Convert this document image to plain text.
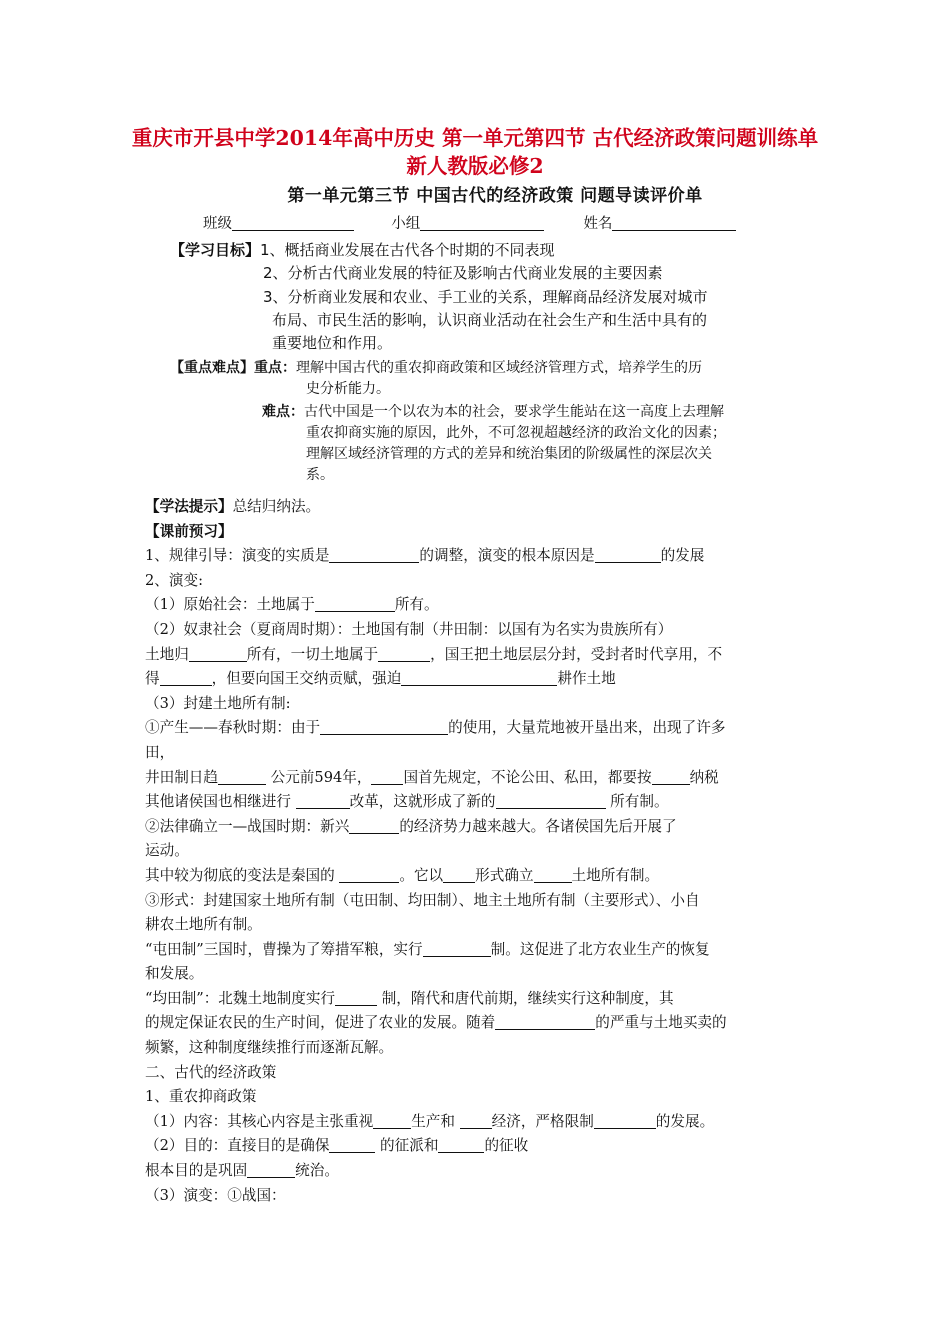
重庆市开县中学2014年高中历史 第一单元第四节 古代经济政策问题训练单 新人教版必修2
第一单元第三节 中国古代的经济政策 问题导读评价单
班级	小组	姓名
【学习目标】1、概括商业发展在古代各个时期的不同表现
2、分析古代商业发展的特征及影响古代商业发展的主要因素
3、分析商业发展和农业、手工业的关系，理解商品经济发展对城市
布局、市民生活的影响，认识商业活动在社会生产和生活中具有的
重要地位和作用。
【重点难点】重点：理解中国古代的重农抑商政策和区域经济管理方式，培养学生的历
史分析能力。
难点：古代中国是一个以农为本的社会，要求学生能站在这一高度上去理解
重农抑商实施的原因，此外，不可忽视超越经济的政治文化的因素；
理解区域经济管理的方式的差异和统治集团的阶级属性的深层次关
系。

【学法提示】总结归纳法。

【课前预习】

1、规律引导：演变的实质是	的调整，演变的根本原因是	的发展

2、演变:

（1）原始社会：土地属于	所有。

（2）奴隶社会（夏商周时期）：土地国有制（井田制：以国有为名实为贵族所有）

土地归	所有，一切土地属于	，国王把土地层层分封，受封者时代享用，不

得	，但要向国王交纳贡赋，强迫	耕作土地

（3）封建土地所有制:

①产生——春秋时期：由于	的使用，大量荒地被开垦出来，出现了许多

田，

井田制日趋	公元前594年， 国首先规定，不论公田、私田，都要按	纳税

其他诸侯国也相继进行	改革，这就形成了新的	所有制。

②法律确立一—战国时期：新兴	的经济势力越来越大。各诸侯国先后开展了

运动。

其中较为彻底的变法是秦国的	。它以 形式确立	土地所有制。

③形式：封建国家土地所有制（屯田制、均田制）、地主土地所有制（主要形式）、小自

耕农土地所有制。

“屯田制”三国时，曹操为了筹措军粮，实行	制。这促进了北方农业生产的恢复

和发展。

“均田制”：北魏土地制度实行	制，隋代和唐代前期，继续实行这种制度，其

的规定保证农民的生产时间，促进了农业的发展。随着	的严重与土地买卖的

频繁，这种制度继续推行而逐渐瓦解。

二、古代的经济政策

1、重农抑商政策

（1）内容：其核心内容是主张重视	生产和 经济，严格限制	的发展。

（2）目的：直接目的是确保	的征派和	的征收

根本目的是巩固	统治。

（3）演变：①战国：
